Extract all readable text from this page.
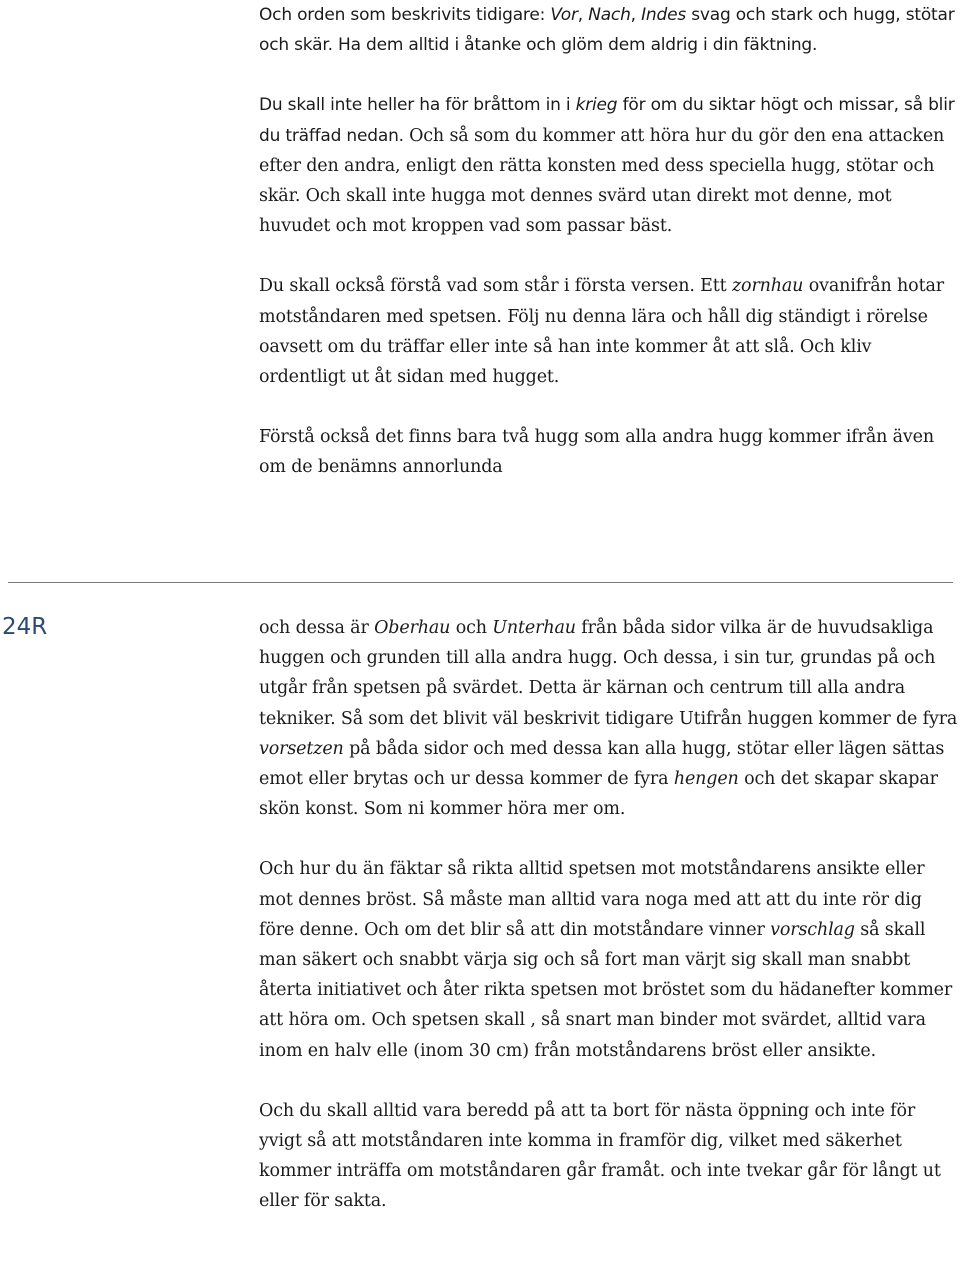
Och orden som beskrivits tidigare: Vor, Nach, Indes svag och stark och hugg, stötar och skär. Ha dem alltid i åtanke och glöm dem aldrig i din fäktning.

Du skall inte heller ha för bråttom in i krieg för om du siktar högt och missar, så blir du träffad nedan. Och så som du kommer att höra hur du gör den ena attacken efter den andra, enligt den rätta konsten med dess speciella hugg, stötar och skär. Och skall inte hugga mot dennes svärd utan direkt mot denne, mot huvudet och mot kroppen vad som passar bäst.

Du skall också förstå vad som står i första versen. Ett zornhau ovanifrån hotar motståndaren med spetsen. Följ nu denna lära och håll dig ständigt i rörelse oavsett om du träffar eller inte så han inte kommer åt att slå. Och kliv ordentligt ut åt sidan med hugget.

Förstå också det finns bara två hugg som alla andra hugg kommer ifrån även om de benämns annorlunda

24R	och dessa är Oberhau och Unterhau från båda sidor vilka är de huvudsakliga huggen och grunden till alla andra hugg. Och dessa, i sin tur, grundas på och utgår från spetsen på svärdet. Detta är kärnan och centrum till alla andra tekniker. Så som det blivit väl beskrivit tidigare Utifrån huggen kommer de fyra vorsetzen på båda sidor och med dessa kan alla hugg, stötar eller lägen sättas emot eller brytas och ur dessa kommer de fyra hengen och det skapar skapar skön konst. Som ni kommer höra mer om.

Och hur du än fäktar så rikta alltid spetsen mot motståndarens ansikte eller mot dennes bröst. Så måste man alltid vara noga med att att du inte rör dig före denne. Och om det blir så att din motståndare vinner vorschlag så skall man säkert och snabbt värja sig och så fort man värjt sig skall man snabbt återta initiativet och åter rikta spetsen mot bröstet som du hädanefter kommer att höra om. Och spetsen skall , så snart man binder mot svärdet, alltid vara inom en halv elle (inom 30 cm) från motståndarens bröst eller ansikte.

Och du skall alltid vara beredd på att ta bort för nästa öppning och inte för yvigt så att motståndaren inte komma in framför dig, vilket med säkerhet kommer inträffa om motståndaren går framåt. och inte tvekar går för långt ut eller för sakta.
